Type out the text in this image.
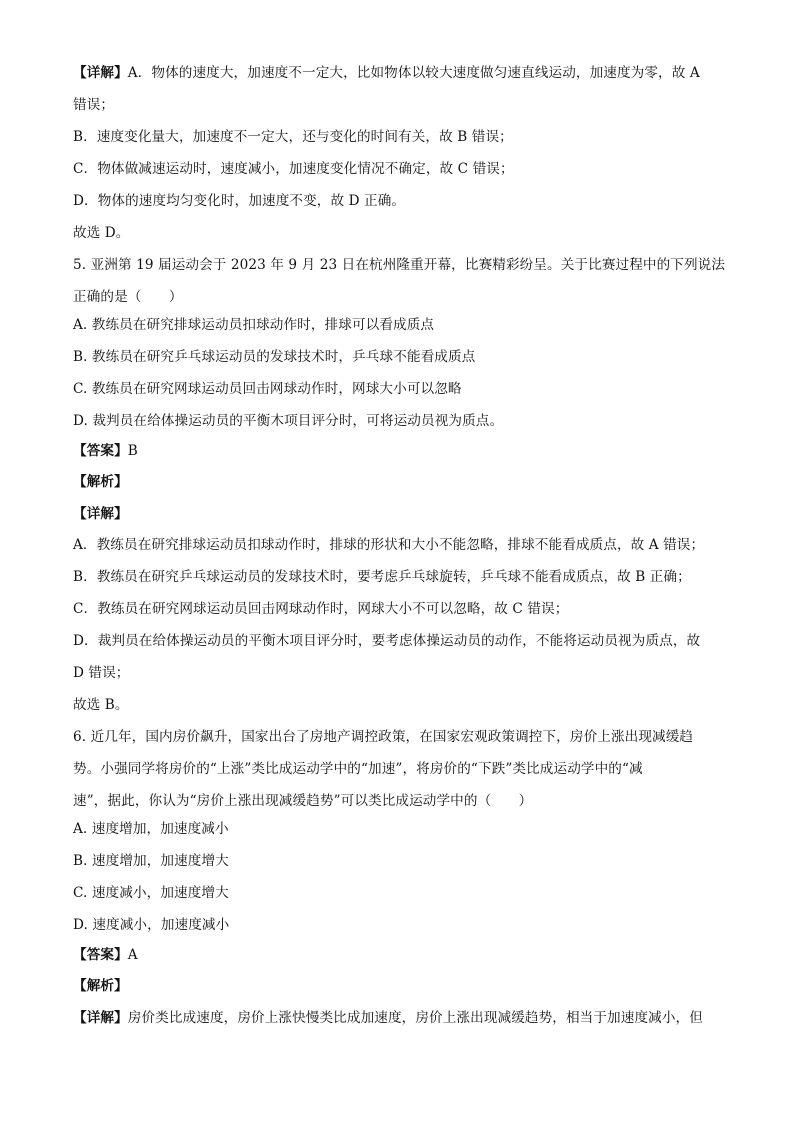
【详解】A．物体的速度大，加速度不一定大，比如物体以较大速度做匀速直线运动，加速度为零，故 A
错误；
B．速度变化量大，加速度不一定大，还与变化的时间有关，故 B 错误；
C．物体做减速运动时，速度减小，加速度变化情况不确定，故 C 错误；
D．物体的速度均匀变化时，加速度不变，故 D 正确。
故选 D。
5. 亚洲第 19 届运动会于 2023 年 9 月 23 日在杭州隆重开幕，比赛精彩纷呈。关于比赛过程中的下列说法
正确的是（　　）
A. 教练员在研究排球运动员扣球动作时，排球可以看成质点
B. 教练员在研究乒乓球运动员的发球技术时，乒乓球不能看成质点
C. 教练员在研究网球运动员回击网球动作时，网球大小可以忽略
D. 裁判员在给体操运动员的平衡木项目评分时，可将运动员视为质点。
【答案】B
【解析】
【详解】
A．教练员在研究排球运动员扣球动作时，排球的形状和大小不能忽略，排球不能看成质点，故 A 错误；
B．教练员在研究乒乓球运动员的发球技术时，要考虑乒乓球旋转，乒乓球不能看成质点，故 B 正确；
C．教练员在研究网球运动员回击网球动作时，网球大小不可以忽略，故 C 错误；
D．裁判员在给体操运动员的平衡木项目评分时，要考虑体操运动员的动作，不能将运动员视为质点，故
D 错误；
故选 B。
6. 近几年，国内房价飙升，国家出台了房地产调控政策，在国家宏观政策调控下，房价上涨出现减缓趋
势。小强同学将房价的“上涨”类比成运动学中的“加速”，将房价的“下跌”类比成运动学中的“减
速”，据此，你认为“房价上涨出现减缓趋势”可以类比成运动学中的（　　）
A. 速度增加，加速度减小
B. 速度增加，加速度增大
C. 速度减小，加速度增大
D. 速度减小，加速度减小
【答案】A
【解析】
【详解】房价类比成速度，房价上涨快慢类比成加速度，房价上涨出现减缓趋势，相当于加速度减小，但
